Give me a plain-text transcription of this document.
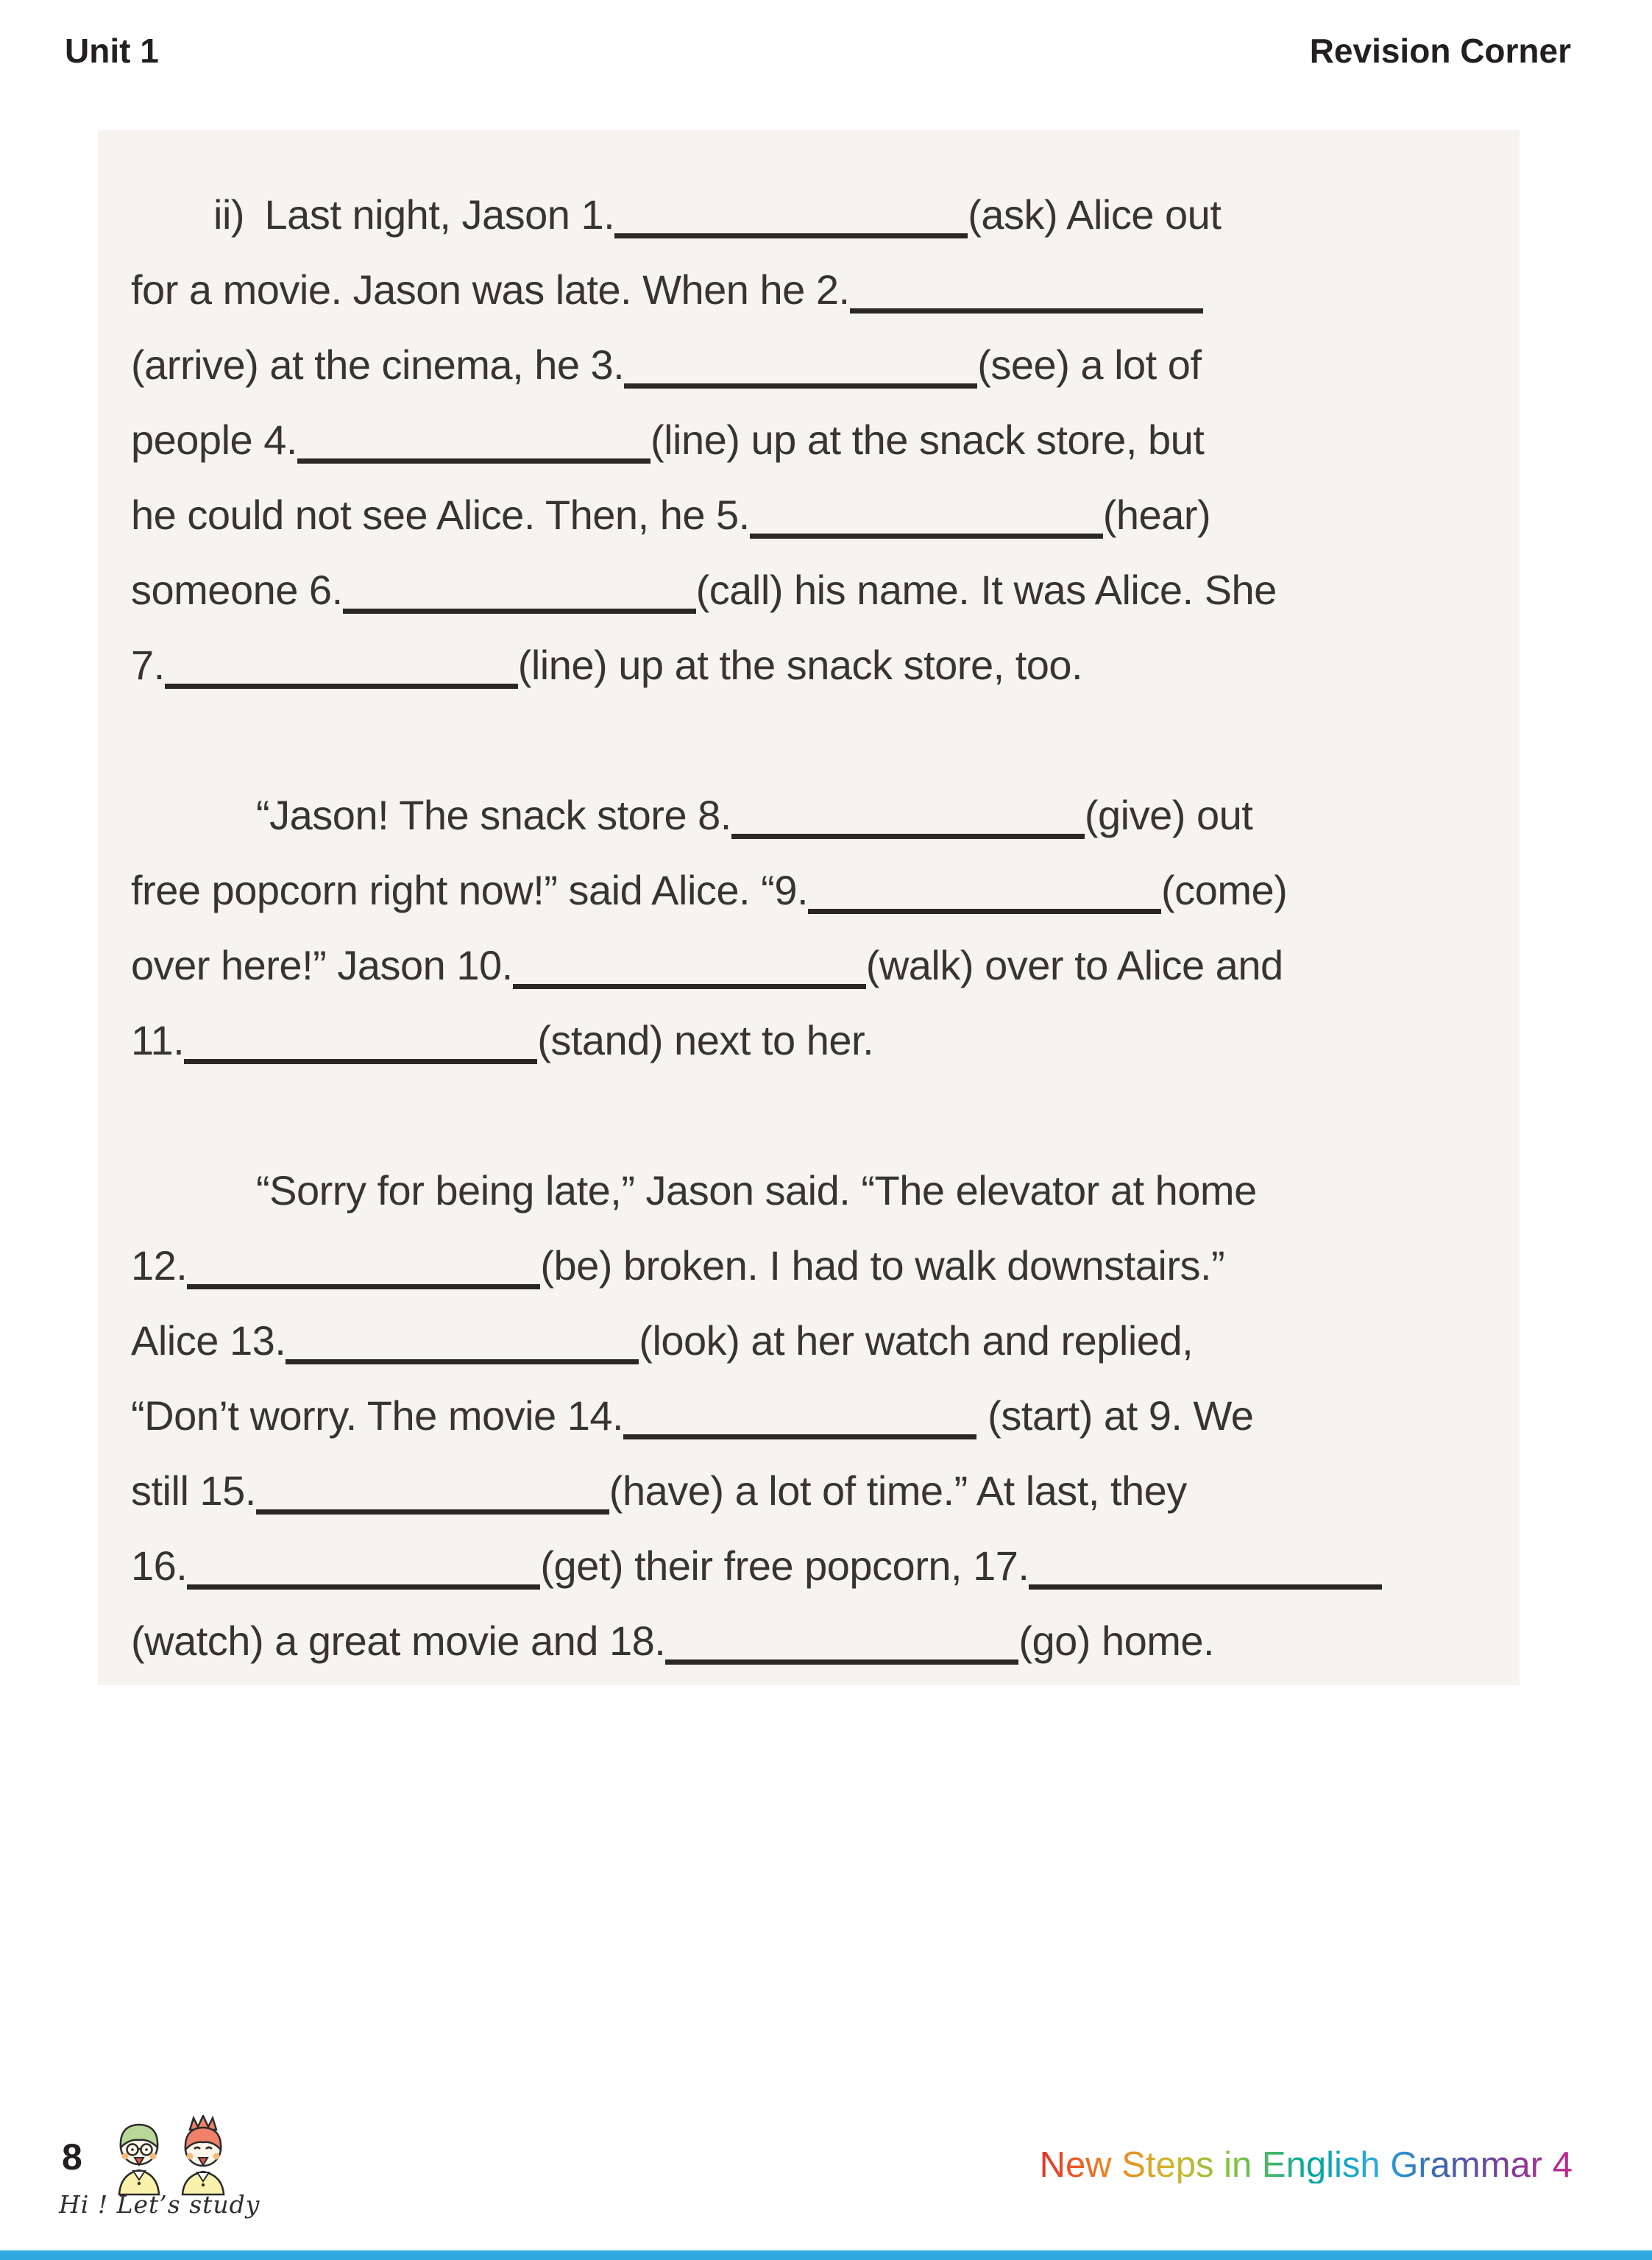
Unit 1	Revision Corner
ii) Last night, Jason 1.	(ask) Alice out
for a movie. Jason was late. When he 2.
(arrive) at the cinema, he 3.	(see) a lot of
people 4.	(line) up at the snack store, but
he could not see Alice. Then, he 5.	(hear)
someone 6.	(call) his name. It was Alice. She
7.	(line) up at the snack store, too.
“Jason! The snack store 8.	(give) out
free popcorn right now!” said Alice. “9.	(come)
over here!” Jason 10.	(walk) over to Alice and
11.	(stand) next to her.
“Sorry for being late,” Jason said. “The elevator at home
12.	(be) broken. I had to walk downstairs.”
Alice 13.	(look) at her watch and replied,
“Don’t worry. The movie 14.	(start) at 9. We
still 15.	(have) a lot of time.” At last, they
16.	(get) their free popcorn, 17.
(watch) a great movie and 18.	(go) home.
8
Hi ! Let’s study
New Steps in English Grammar 4
